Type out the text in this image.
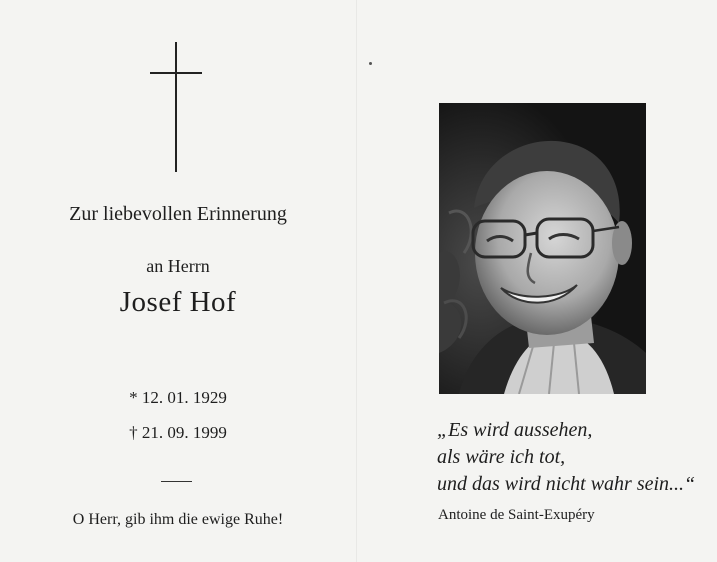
Zur liebevollen Erinnerung
an Herrn
Josef Hof
* 12. 01. 1929
† 21. 09. 1999
O Herr, gib ihm die ewige Ruhe!
„Es wird aussehen,
als wäre ich tot,
und das wird nicht wahr sein...“
Antoine de Saint-Exupéry
